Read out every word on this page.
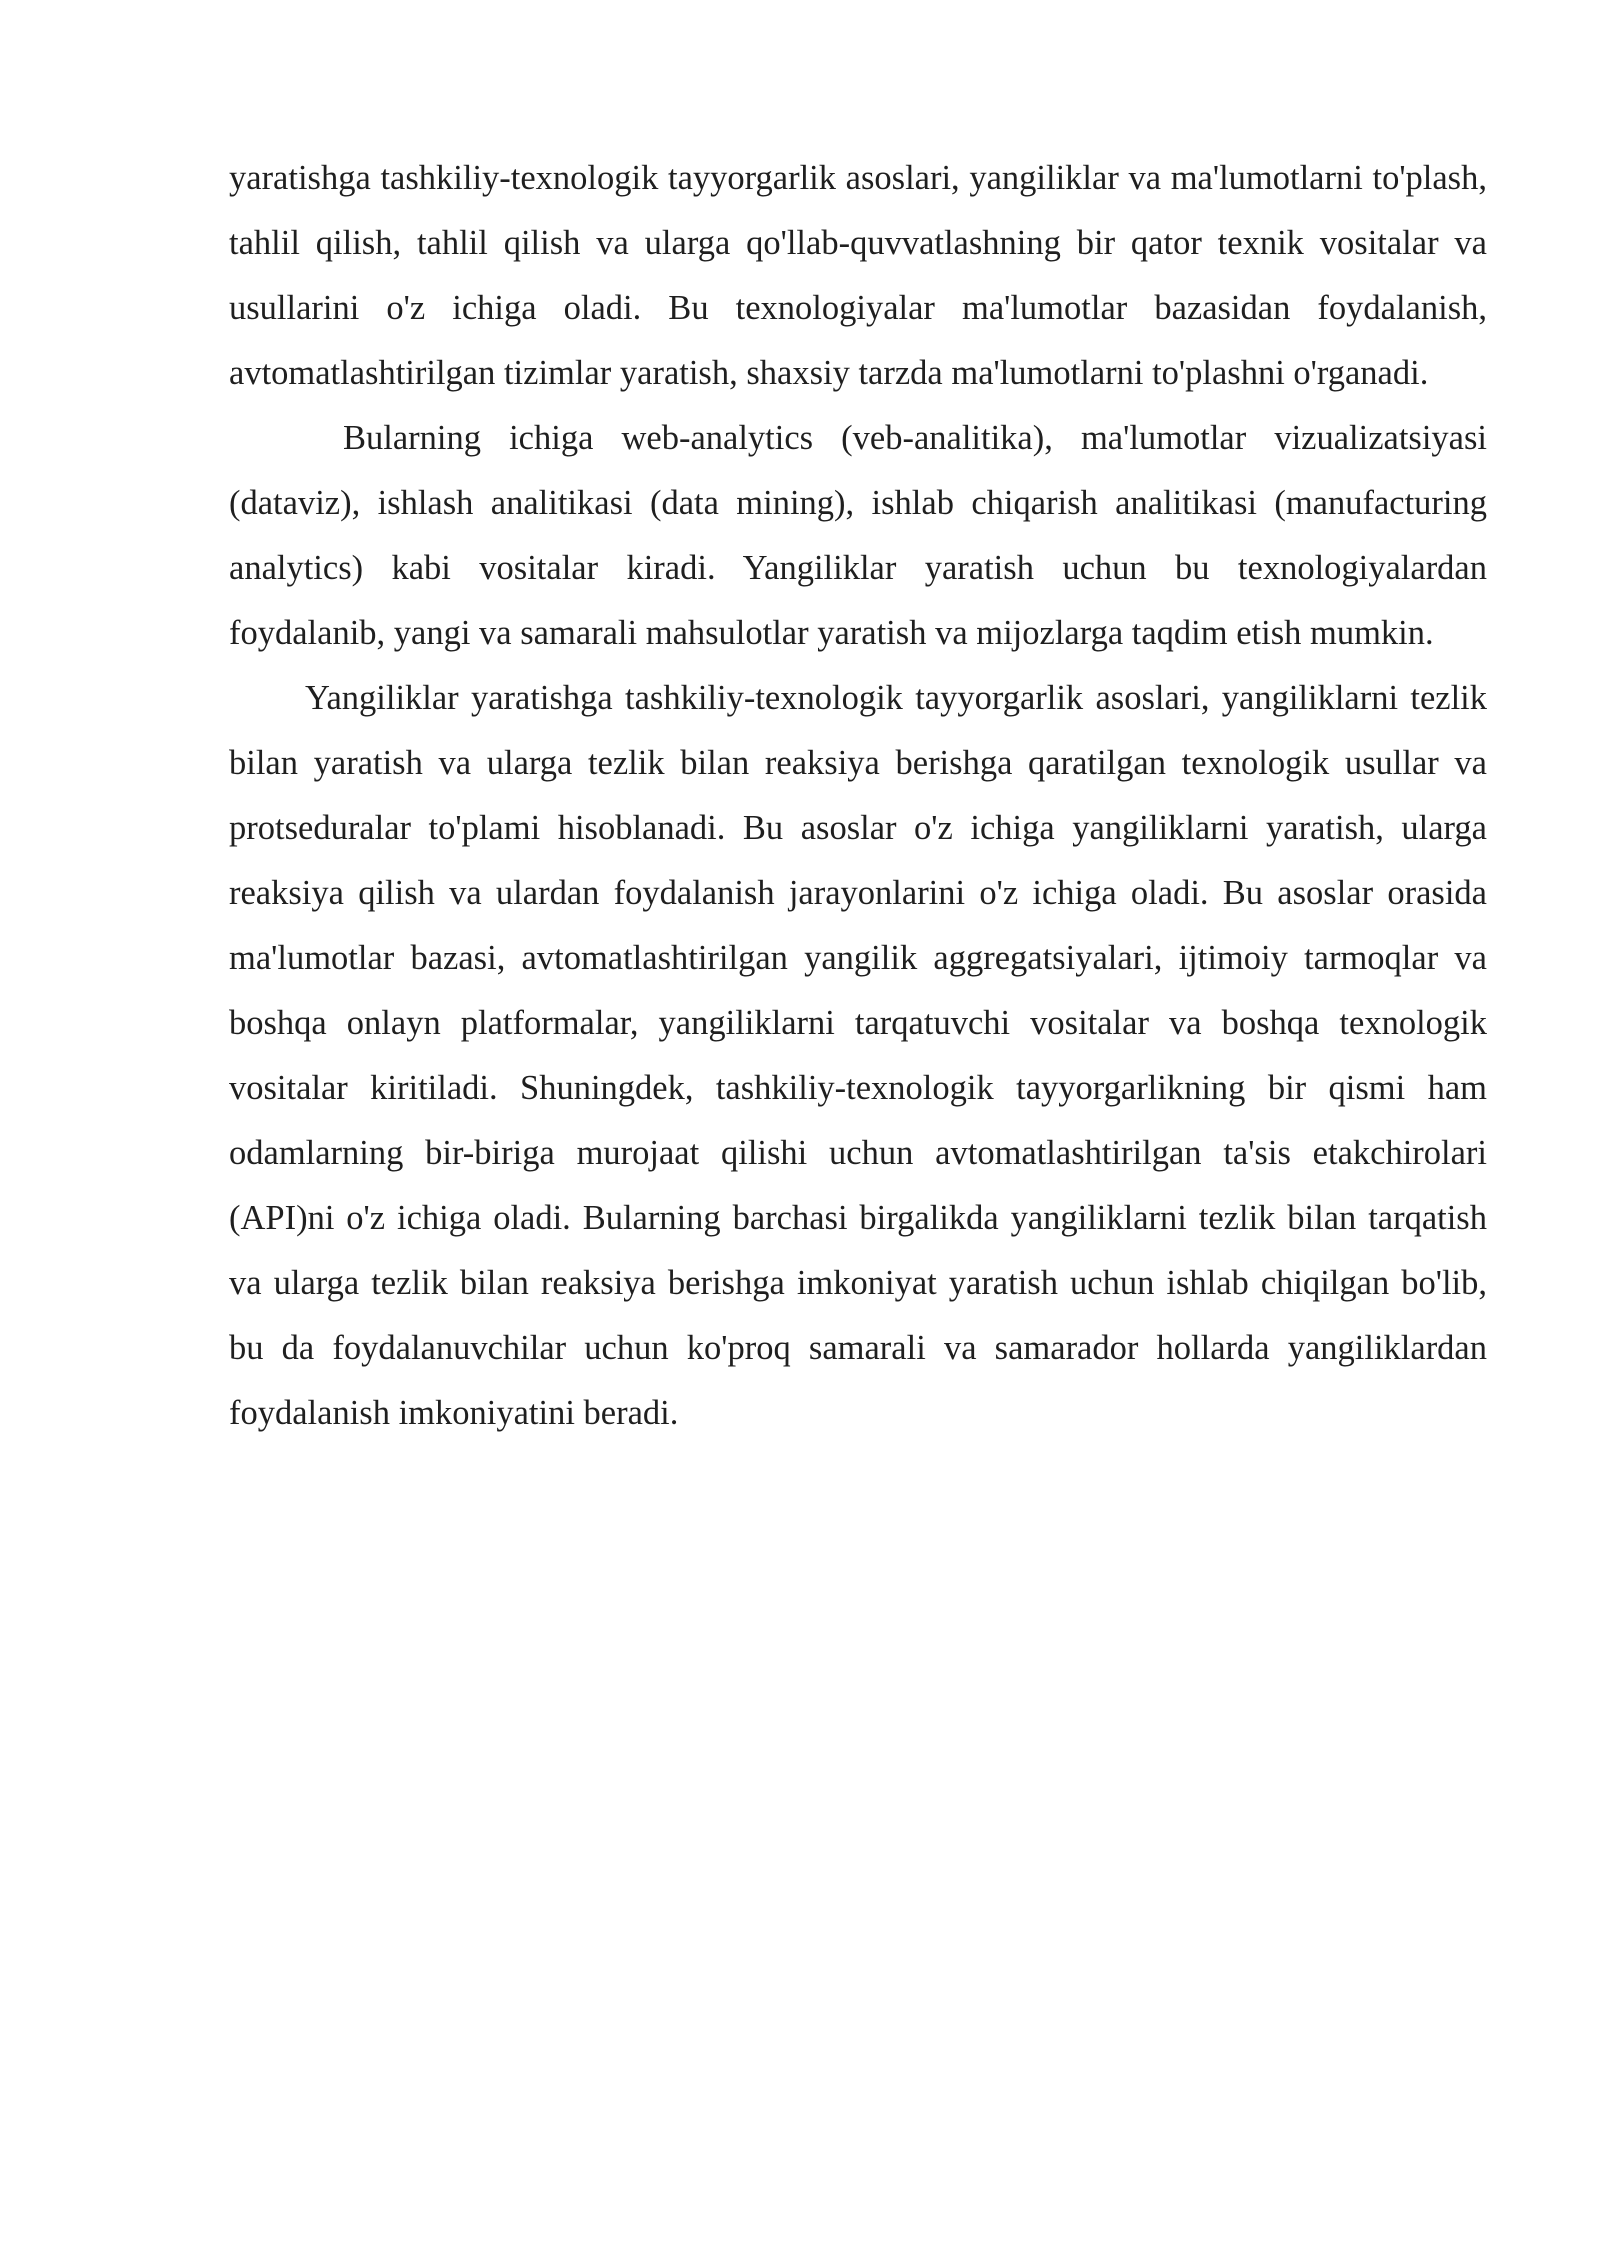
yaratishga tashkiliy-texnologik tayyorgarlik asoslari, yangiliklar va ma'lumotlarni to'plash, tahlil qilish, tahlil qilish va ularga qo'llab-quvvatlashning bir qator texnik vositalar va usullarini o'z ichiga oladi. Bu texnologiyalar ma'lumotlar bazasidan foydalanish, avtomatlashtirilgan tizimlar yaratish, shaxsiy tarzda ma'lumotlarni to'plashni o'rganadi.

Bularning ichiga web-analytics (veb-analitika), ma'lumotlar vizualizatsiyasi (dataviz), ishlash analitikasi (data mining), ishlab chiqarish analitikasi (manufacturing analytics) kabi vositalar kiradi. Yangiliklar yaratish uchun bu texnologiyalardan foydalanib, yangi va samarali mahsulotlar yaratish va mijozlarga taqdim etish mumkin.

Yangiliklar yaratishga tashkiliy-texnologik tayyorgarlik asoslari, yangiliklarni tezlik bilan yaratish va ularga tezlik bilan reaksiya berishga qaratilgan texnologik usullar va protseduralar to'plami hisoblanadi. Bu asoslar o'z ichiga yangiliklarni yaratish, ularga reaksiya qilish va ulardan foydalanish jarayonlarini o'z ichiga oladi. Bu asoslar orasida ma'lumotlar bazasi, avtomatlashtirilgan yangilik aggregatsiyalari, ijtimoiy tarmoqlar va boshqa onlayn platformalar, yangiliklarni tarqatuvchi vositalar va boshqa texnologik vositalar kiritiladi. Shuningdek, tashkiliy-texnologik tayyorgarlikning bir qismi ham odamlarning bir-biriga murojaat qilishi uchun avtomatlashtirilgan ta'sis etakchirolari (API)ni o'z ichiga oladi. Bularning barchasi birgalikda yangiliklarni tezlik bilan tarqatish va ularga tezlik bilan reaksiya berishga imkoniyat yaratish uchun ishlab chiqilgan bo'lib, bu da foydalanuvchilar uchun ko'proq samarali va samarador hollarda yangiliklardan foydalanish imkoniyatini beradi.
